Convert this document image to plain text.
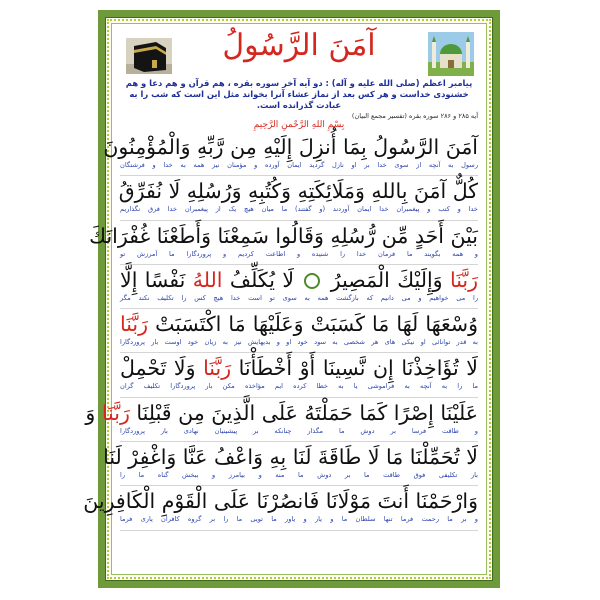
آمَنَ الرَّسُولُ
پیامبر اعظم (صلی الله علیه و آله) : دو آیه آخر سوره بقره ، هم قرآن و هم دعا و هم خشنودی خداست و هر کس بعد از نماز عشاء آنرا بخواند مثل این است که شب را به عبادت گذرانده است.
آیه ۲۸۵ و ۲۸۶ سوره بقره (تفسیر مجمع البیان)
بِسْمِ اللهِ الرَّحْمنِ الرَّحِيمِ
آمَنَ الرَّسُولُ بِمَا أُنزِلَ إِلَيْهِ مِن رَّبِّهِ وَالْمُؤْمِنُونَ
رسول به آنچه از سوی خدا بر او نازل گردید ایمان آورده و مؤمنان نیز همه به خدا و فرشتگان
كُلٌّ آمَنَ بِاللهِ وَمَلَائِكَتِهِ وَكُتُبِهِ وَرُسُلِهِ لَا نُفَرِّقُ
خدا و کتب و پیغمبران خدا ایمان آوردند (و گفتند) ما میان هیچ یک از پیغمبران خدا فرق نگذاریم
بَيْنَ أَحَدٍ مِّن رُّسُلِهِ وَقَالُوا سَمِعْنَا وَأَطَعْنَا غُفْرَانَكَ
و همه بگویند ما فرمان خدا را شنیده و اطاعت کردیم و پروردگارا ما آمرزش تو
رَبَّنَا وَإِلَيْكَ الْمَصِيرُ  لَا يُكَلِّفُ اللهُ نَفْسًا إِلَّا
را می خواهیم و می دانیم که بازگشت همه به سوی تو است خدا هیچ کس را تکلیف نکند مگر
وُسْعَهَا لَهَا مَا كَسَبَتْ وَعَلَيْهَا مَا اكْتَسَبَتْ رَبَّنَا
به قدر توانائی او نیکی های هر شخصی به سود خود او و بدیهایش نیز به زیان خود اوست بار پروردگارا
لَا تُؤَاخِذْنَا إِن نَّسِينَا أَوْ أَخْطَأْنَا رَبَّنَا وَلَا تَحْمِلْ
ما را به آنچه به فراموشی یا به خطا کرده ایم مؤاخذه مکن بار پروردگارا تکلیف گران
عَلَيْنَا إِصْرًا كَمَا حَمَلْتَهُ عَلَى الَّذِينَ مِن قَبْلِنَا رَبَّنَا وَ
و طاقت فرسا بر دوش ما مگذار چنانکه بر پیشینیان نهادی بار پروردگارا
لَا تُحَمِّلْنَا مَا لَا طَاقَةَ لَنَا بِهِ وَاعْفُ عَنَّا وَاغْفِرْ لَنَا
بار تکلیفی فوق طاقت ما بر دوش ما منه و بیامرز و ببخش گناه ما را
وَارْحَمْنَا أَنتَ مَوْلَانَا فَانصُرْنَا عَلَى الْقَوْمِ الْكَافِرِينَ
و بر ما رحمت فرما تنها سلطان ما و یار و یاور ما تویی ما را بر گروه کافران یاری فرما
